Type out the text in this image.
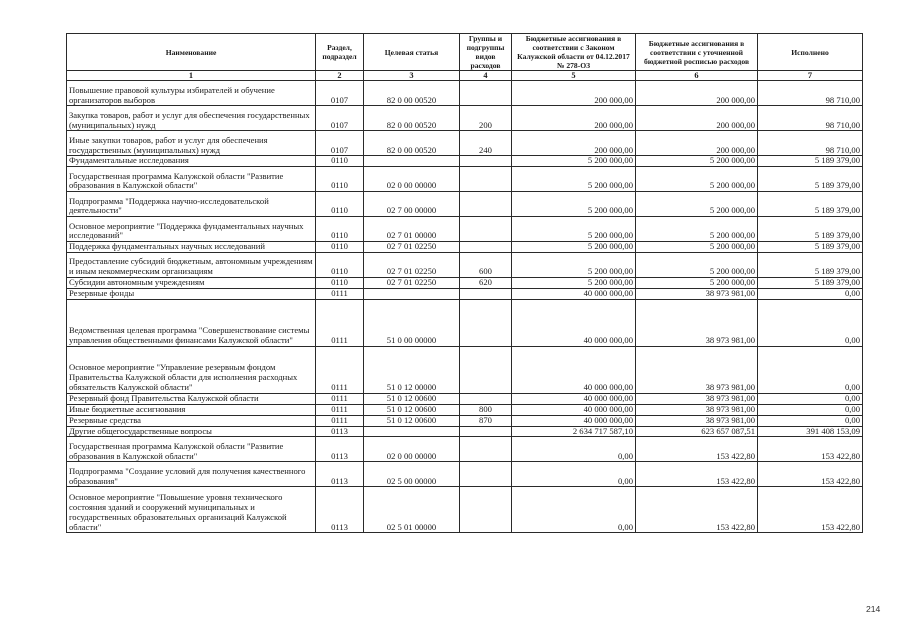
Наименование	Раздел, подраздел	Целевая статья	Группы и подгруппы видов расходов	Бюджетные ассигнования в соответствии с Законом Калужской области от 04.12.2017 № 278-ОЗ	Бюджетные ассигнования в соответствии с уточненной бюджетной росписью расходов	Исполнено
1	2	3	4	5	6	7
Повышение правовой культуры избирателей и обучение организаторов выборов	0107	82 0 00 00520		200 000,00	200 000,00	98 710,00
Закупка товаров, работ и услуг для обеспечения государственных (муниципальных) нужд	0107	82 0 00 00520	200	200 000,00	200 000,00	98 710,00
Иные закупки товаров, работ и услуг для обеспечения государственных (муниципальных) нужд	0107	82 0 00 00520	240	200 000,00	200 000,00	98 710,00
Фундаментальные исследования	0110			5 200 000,00	5 200 000,00	5 189 379,00
Государственная программа Калужской области "Развитие образования в Калужской области"	0110	02 0 00 00000		5 200 000,00	5 200 000,00	5 189 379,00
Подпрограмма "Поддержка научно-исследовательской деятельности"	0110	02 7 00 00000		5 200 000,00	5 200 000,00	5 189 379,00
Основное мероприятие "Поддержка фундаментальных научных исследований"	0110	02 7 01 00000		5 200 000,00	5 200 000,00	5 189 379,00
Поддержка фундаментальных научных исследований	0110	02 7 01 02250		5 200 000,00	5 200 000,00	5 189 379,00
Предоставление субсидий бюджетным, автономным учреждениям и иным некоммерческим организациям	0110	02 7 01 02250	600	5 200 000,00	5 200 000,00	5 189 379,00
Субсидии автономным учреждениям	0110	02 7 01 02250	620	5 200 000,00	5 200 000,00	5 189 379,00
Резервные фонды	0111			40 000 000,00	38 973 981,00	0,00
Ведомственная целевая программа "Совершенствование системы управления общественными финансами Калужской области"	0111	51 0 00 00000		40 000 000,00	38 973 981,00	0,00
Основное мероприятие "Управление резервным фондом Правительства Калужской области для исполнения расходных обязательств Калужской области"	0111	51 0 12 00000		40 000 000,00	38 973 981,00	0,00
Резервный фонд Правительства Калужской области	0111	51 0 12 00600		40 000 000,00	38 973 981,00	0,00
Иные бюджетные ассигнования	0111	51 0 12 00600	800	40 000 000,00	38 973 981,00	0,00
Резервные средства	0111	51 0 12 00600	870	40 000 000,00	38 973 981,00	0,00
Другие общегосударственные вопросы	0113			2 634 717 587,10	623 657 087,51	391 408 153,09
Государственная программа Калужской области "Развитие образования в Калужской области"	0113	02 0 00 00000		0,00	153 422,80	153 422,80
Подпрограмма "Создание условий для получения качественного образования"	0113	02 5 00 00000		0,00	153 422,80	153 422,80
Основное мероприятие "Повышение уровня технического состояния зданий и сооружений муниципальных и государственных образовательных организаций Калужской области"	0113	02 5 01 00000		0,00	153 422,80	153 422,80
214
